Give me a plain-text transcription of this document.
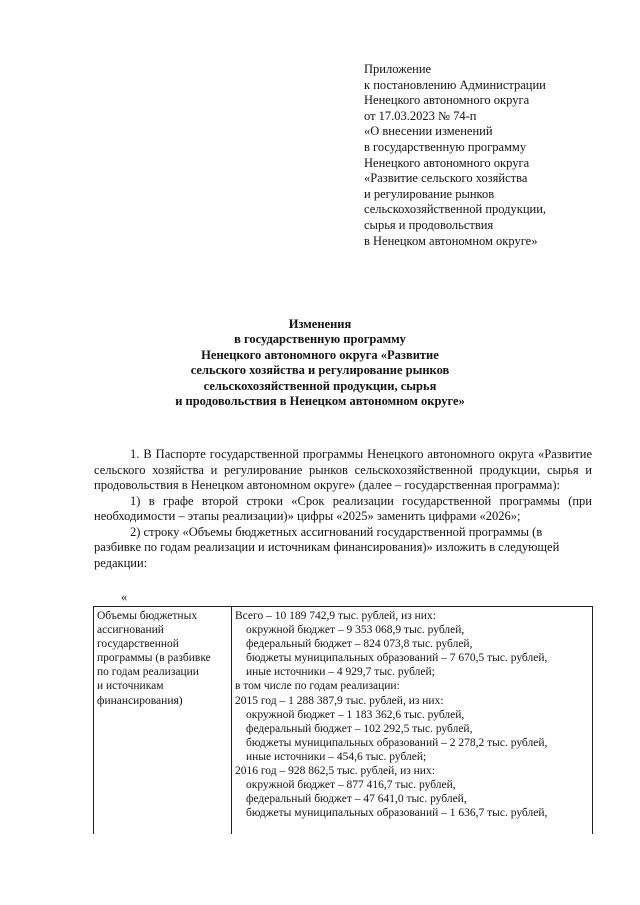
Приложение
к постановлению Администрации
Ненецкого автономного округа
от 17.03.2023 № 74-п
«О внесении изменений
в государственную программу
Ненецкого автономного округа
«Развитие сельского хозяйства
и регулирование рынков
сельскохозяйственной продукции,
сырья и продовольствия
в Ненецком автономном округе»
Изменения
в государственную программу
Ненецкого автономного округа «Развитие
сельского хозяйства и регулирование рынков
сельскохозяйственной продукции, сырья
и продовольствия в Ненецком автономном округе»

1. В Паспорте государственной программы Ненецкого автономного округа «Развитие сельского хозяйства и регулирование рынков сельскохозяйственной продукции, сырья и продовольствия в Ненецком автономном округе» (далее – государственная программа):

1) в графе второй строки «Срок реализации государственной программы (при необходимости – этапы реализации)» цифры «2025» заменить цифрами «2026»;

2) строку «Объемы бюджетных ассигнований государственной программы (в разбивке по годам реализации и источникам финансирования)» изложить в следующей редакции:

«
Объемы бюджетных
ассигнований
государственной
программы (в разбивке
по годам реализации
и источникам
финансирования)
Всего – 10 189 742,9 тыс. рублей, из них:
окружной бюджет – 9 353 068,9 тыс. рублей,
федеральный бюджет – 824 073,8 тыс. рублей,
бюджеты муниципальных образований – 7 670,5 тыс. рублей,
иные источники – 4 929,7 тыс. рублей;
в том числе по годам реализации:
2015 год – 1 288 387,9 тыс. рублей, из них:
окружной бюджет – 1 183 362,6 тыс. рублей,
федеральный бюджет – 102 292,5 тыс. рублей,
бюджеты муниципальных образований – 2 278,2 тыс. рублей,
иные источники – 454,6 тыс. рублей;
2016 год – 928 862,5 тыс. рублей, из них:
окружной бюджет – 877 416,7 тыс. рублей,
федеральный бюджет – 47 641,0 тыс. рублей,
бюджеты муниципальных образований – 1 636,7 тыс. рублей,
